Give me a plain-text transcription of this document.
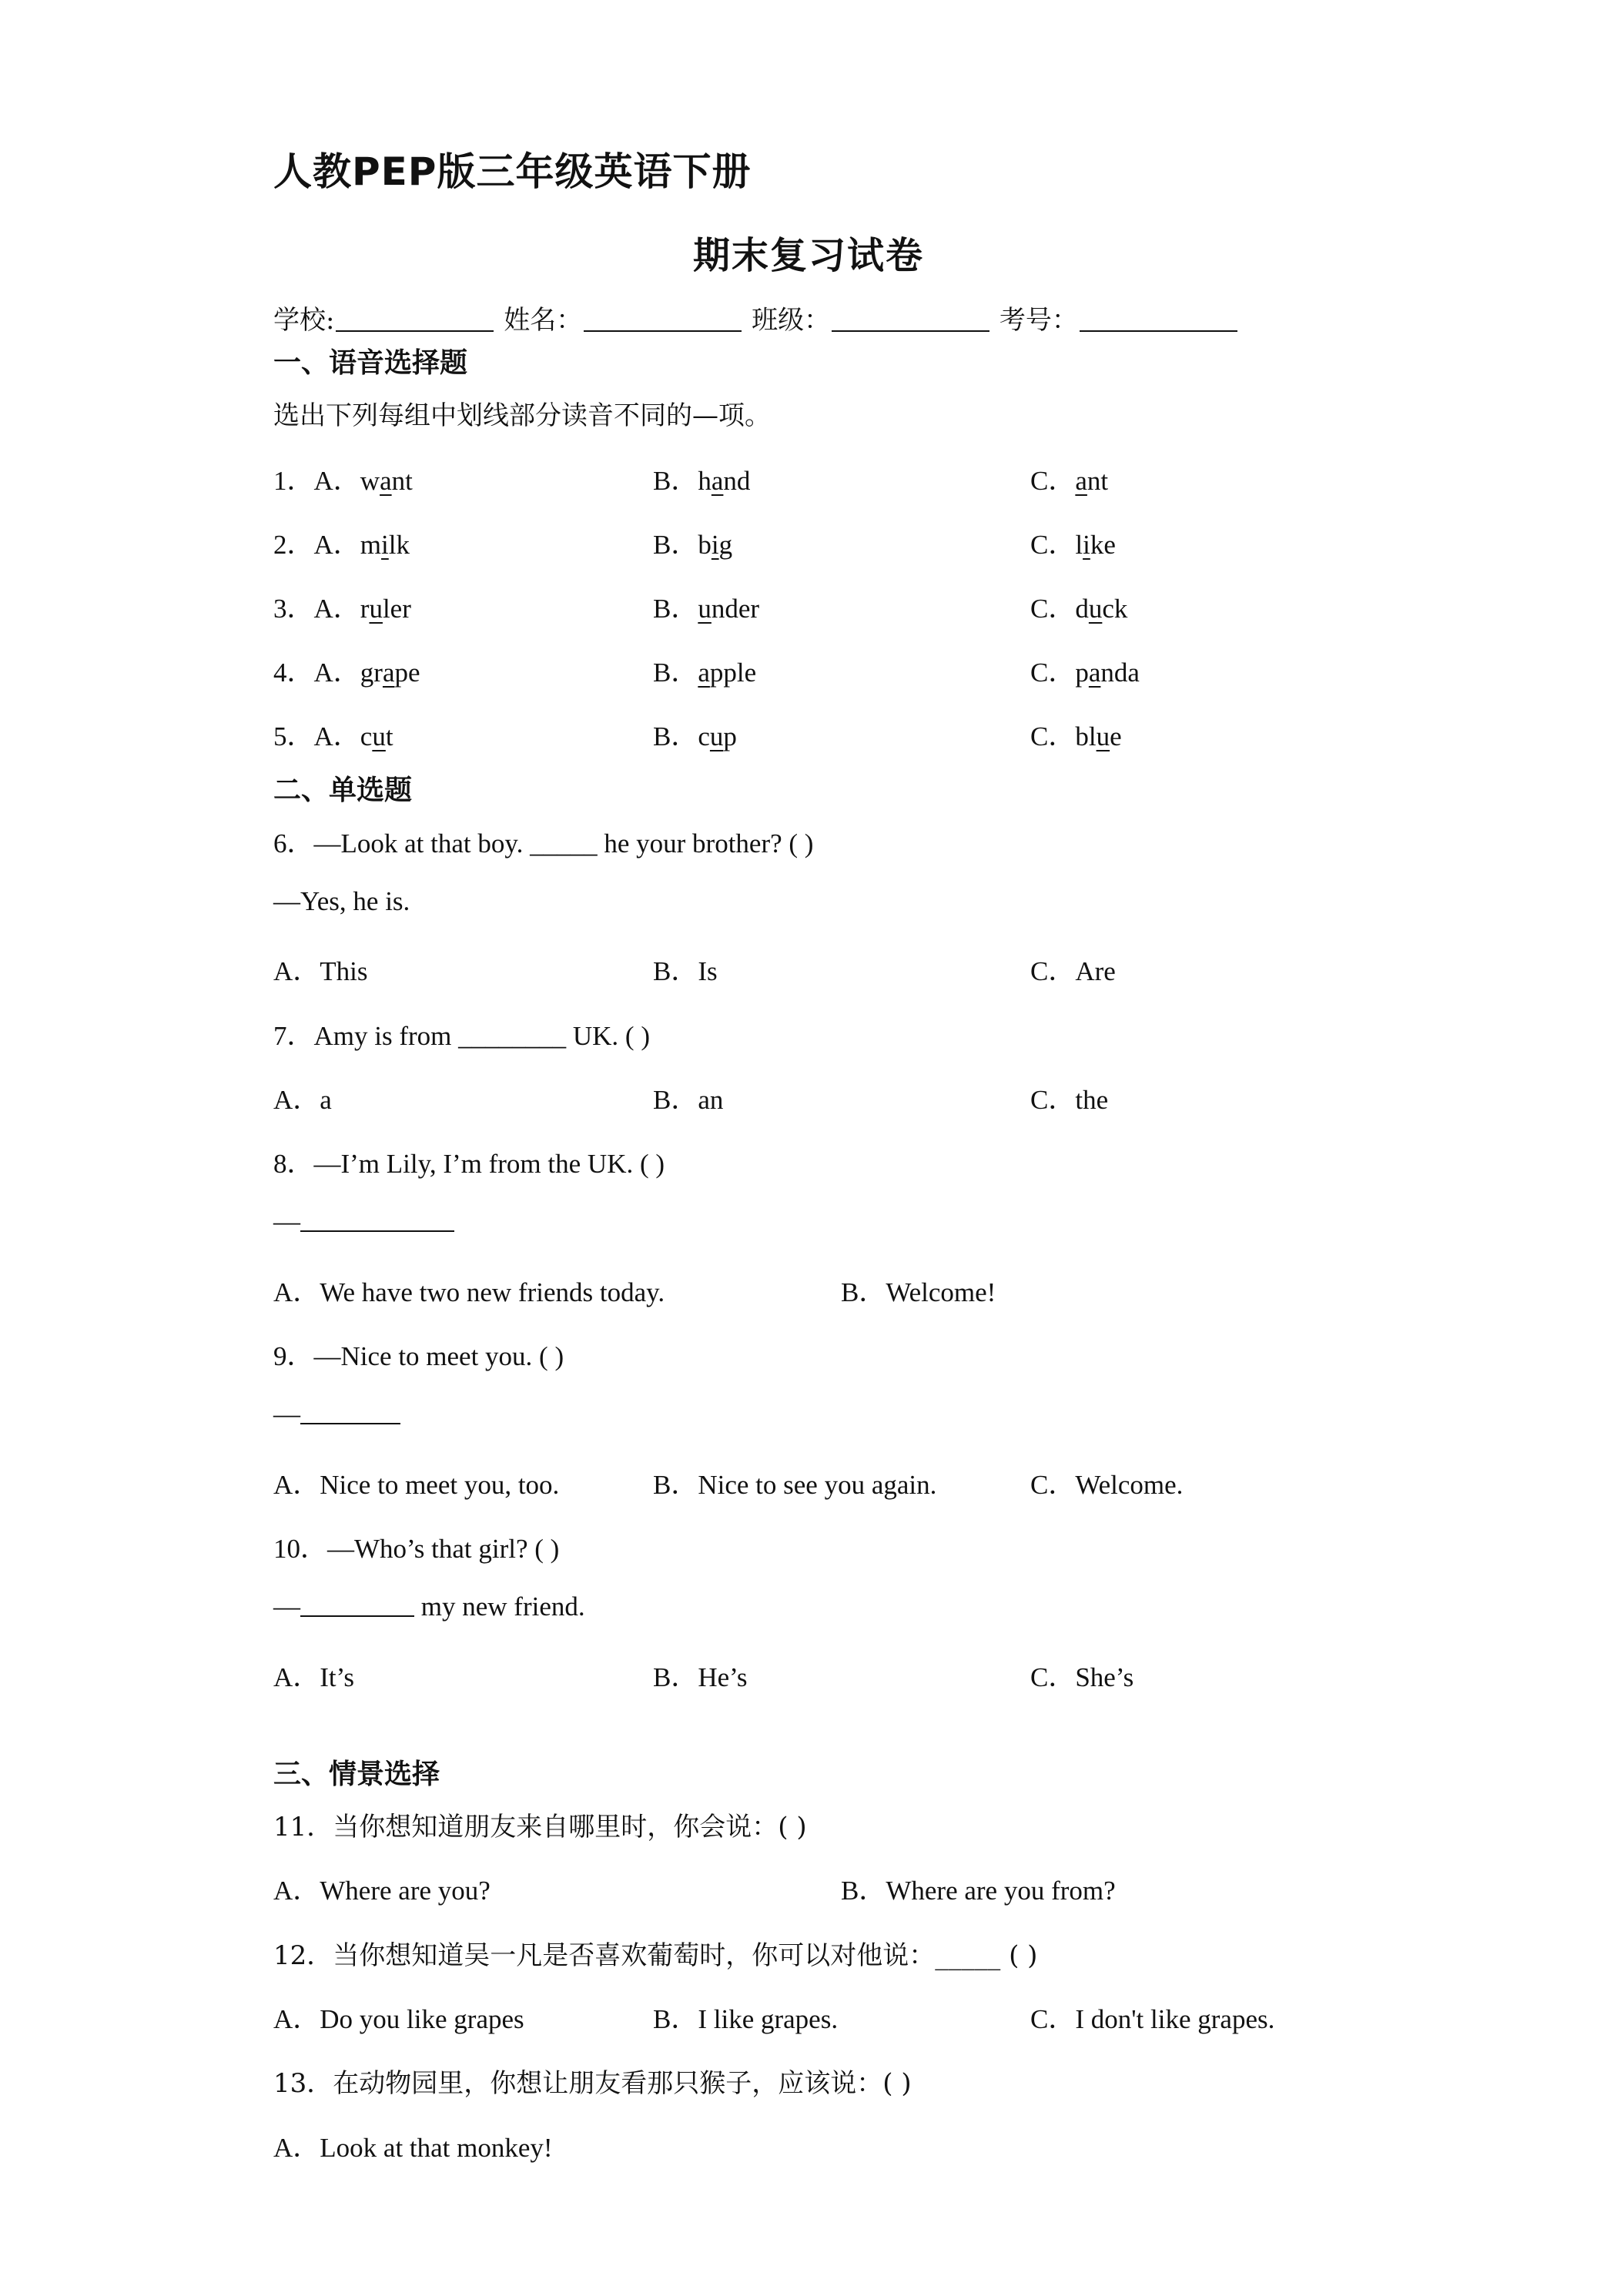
人教PEP版三年级英语下册
期末复习试卷
学校:	姓名：	班级：	考号：
一、语音选择题
选出下列每组中划线部分读音不同的—项。
1．A．want	B．hand	C．ant
2．A．milk	B．big	C．like
3．A．ruler	B．under	C．duck
4．A．grape	B．apple	C．panda
5．A．cut	B．cup	C．blue
二、单选题
6．—Look at that boy. _____ he your brother? ( )
—Yes, he is.
A．This	B．Is	C．Are
7．Amy is from ________ UK. ( )
A．a	B．an	C．the
8．—I’m Lily, I’m from the UK. ( )
—
A．We have two new friends today.	B．Welcome!
9．—Nice to meet you. ( )
—
A．Nice to meet you, too.	B．Nice to see you again.	C．Welcome.
10．—Who’s that girl? ( )
—	my new friend.
A．It’s	B．He’s	C．She’s
三、情景选择
11．当你想知道朋友来自哪里时，你会说：( )
A．Where are you?	B．Where are you from?
12．当你想知道吴一凡是否喜欢葡萄时，你可以对他说：_____ ( )
A．Do you like grapes	B．I like grapes.	C．I don't like grapes.
13．在动物园里，你想让朋友看那只猴子，应该说：( )
A．Look at that monkey!
